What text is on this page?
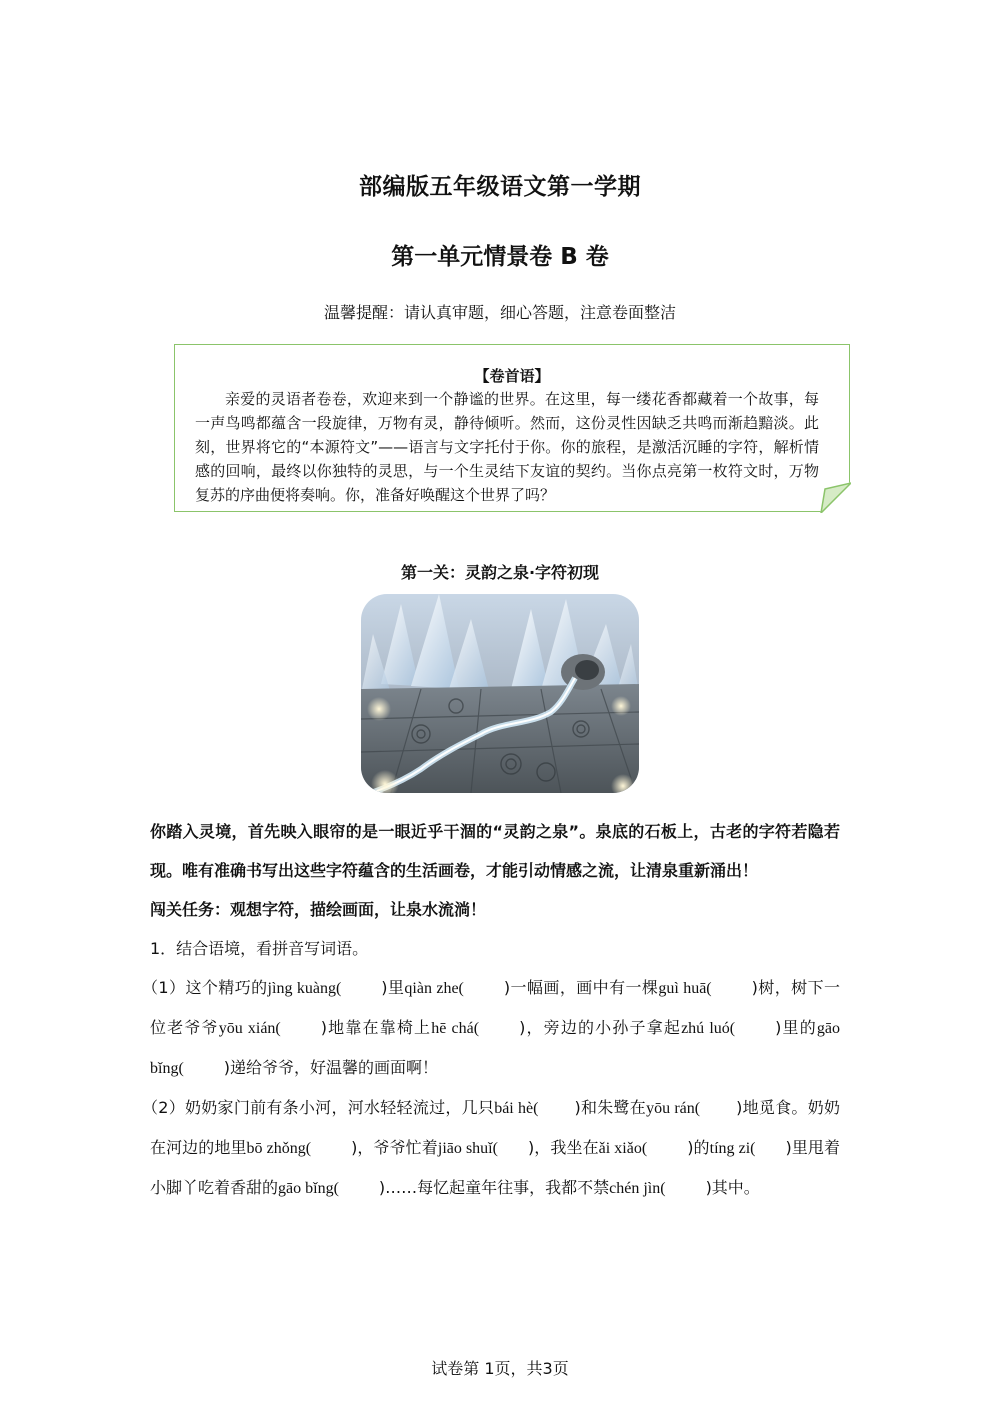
部编版五年级语文第一学期
第一单元情景卷 B 卷
温馨提醒：请认真审题，细心答题，注意卷面整洁
【卷首语】
亲爱的灵语者卷卷，欢迎来到一个静谧的世界。在这里，每一缕花香都藏着一个故事，每一声鸟鸣都蕴含一段旋律，万物有灵，静待倾听。然而，这份灵性因缺乏共鸣而渐趋黯淡。此刻，世界将它的“本源符文”——语言与文字托付于你。你的旅程，是激活沉睡的字符，解析情感的回响，最终以你独特的灵思，与一个生灵结下友谊的契约。当你点亮第一枚符文时，万物复苏的序曲便将奏响。你，准备好唤醒这个世界了吗？
第一关：灵韵之泉·字符初现

你踏入灵境，首先映入眼帘的是一眼近乎干涸的“灵韵之泉”。泉底的石板上，古老的字符若隐若现。唯有准确书写出这些字符蕴含的生活画卷，才能引动情感之流，让清泉重新涌出！

闯关任务：观想字符，描绘画面，让泉水流淌！

1．结合语境，看拼音写词语。

（1）这个精巧的jìng kuàng(	)里qiàn zhe(	)一幅画，画中有一棵guì huā(	)树，树下一位老爷爷yōu xián(	)地靠在靠椅上hē chá(	)，旁边的小孙子拿起zhú luó(	)里的gāo bǐng(	)递给爷爷，好温馨的画面啊！

（2）奶奶家门前有条小河，河水轻轻流过，几只bái hè( )和朱鹭在yōu rán( )地觅食。奶奶在河边的地里bō zhǒng(	)，爷爷忙着jiāo shuǐ( )，我坐在ǎi xiǎo(	)的tíng zi( )里甩着小脚丫吃着香甜的gāo bǐng(	)……每忆起童年往事，我都不禁chén jìn(	)其中。

试卷第 1页，共3页
